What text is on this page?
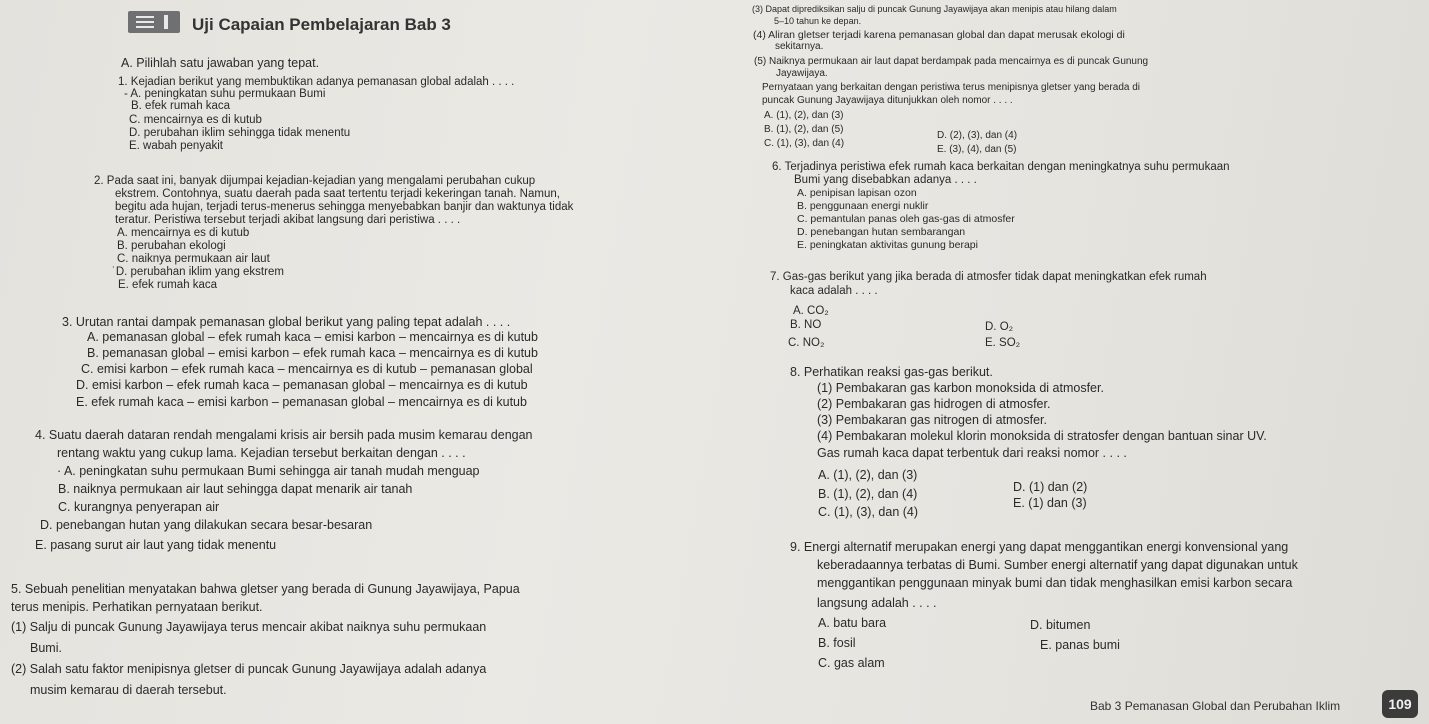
Uji Capaian Pembelajaran Bab 3
A. Pilihlah satu jawaban yang tepat.
1. Kejadian berikut yang membuktikan adanya pemanasan global adalah . . . .
- A. peningkatan suhu permukaan Bumi
B. efek rumah kaca
C. mencairnya es di kutub
D. perubahan iklim sehingga tidak menentu
E. wabah penyakit
2. Pada saat ini, banyak dijumpai kejadian-kejadian yang mengalami perubahan cukup
ekstrem. Contohnya, suatu daerah pada saat tertentu terjadi kekeringan tanah. Namun,
begitu ada hujan, terjadi terus-menerus sehingga menyebabkan banjir dan waktunya tidak
teratur. Peristiwa tersebut terjadi akibat langsung dari peristiwa . . . .
A. mencairnya es di kutub
B. perubahan ekologi
C. naiknya permukaan air laut
˙D. perubahan iklim yang ekstrem
E. efek rumah kaca
3. Urutan rantai dampak pemanasan global berikut yang paling tepat adalah . . . .
A. pemanasan global – efek rumah kaca – emisi karbon – mencairnya es di kutub
B. pemanasan global – emisi karbon – efek rumah kaca – mencairnya es di kutub
C. emisi karbon – efek rumah kaca – mencairnya es di kutub – pemanasan global
D. emisi karbon – efek rumah kaca – pemanasan global – mencairnya es di kutub
E. efek rumah kaca – emisi karbon – pemanasan global – mencairnya es di kutub
4. Suatu daerah dataran rendah mengalami krisis air bersih pada musim kemarau dengan
rentang waktu yang cukup lama. Kejadian tersebut berkaitan dengan . . . .
· A. peningkatan suhu permukaan Bumi sehingga air tanah mudah menguap
B. naiknya permukaan air laut sehingga dapat menarik air tanah
C. kurangnya penyerapan air
D. penebangan hutan yang dilakukan secara besar-besaran
E. pasang surut air laut yang tidak menentu
5. Sebuah penelitian menyatakan bahwa gletser yang berada di Gunung Jayawijaya, Papua
terus menipis. Perhatikan pernyataan berikut.
(1) Salju di puncak Gunung Jayawijaya terus mencair akibat naiknya suhu permukaan
Bumi.
(2) Salah satu faktor menipisnya gletser di puncak Gunung Jayawijaya adalah adanya
musim kemarau di daerah tersebut.
(3) Dapat diprediksikan salju di puncak Gunung Jayawijaya akan menipis atau hilang dalam
5–10 tahun ke depan.
(4) Aliran gletser terjadi karena pemanasan global dan dapat merusak ekologi di
sekitarnya.
(5) Naiknya permukaan air laut dapat berdampak pada mencairnya es di puncak Gunung
Jayawijaya.
Pernyataan yang berkaitan dengan peristiwa terus menipisnya gletser yang berada di
puncak Gunung Jayawijaya ditunjukkan oleh nomor . . . .
A. (1), (2), dan (3)
B. (1), (2), dan (5)
C. (1), (3), dan (4)
D. (2), (3), dan (4)
E. (3), (4), dan (5)
6. Terjadinya peristiwa efek rumah kaca berkaitan dengan meningkatnya suhu permukaan
Bumi yang disebabkan adanya . . . .
A. penipisan lapisan ozon
B. penggunaan energi nuklir
C. pemantulan panas oleh gas-gas di atmosfer
D. penebangan hutan sembarangan
E. peningkatan aktivitas gunung berapi
7. Gas-gas berikut yang jika berada di atmosfer tidak dapat meningkatkan efek rumah
kaca adalah . . . .
A. CO₂
B. NO
C. NO₂
D. O₂
E. SO₂
8. Perhatikan reaksi gas-gas berikut.
(1) Pembakaran gas karbon monoksida di atmosfer.
(2) Pembakaran gas hidrogen di atmosfer.
(3) Pembakaran gas nitrogen di atmosfer.
(4) Pembakaran molekul klorin monoksida di stratosfer dengan bantuan sinar UV.
Gas rumah kaca dapat terbentuk dari reaksi nomor . . . .
A. (1), (2), dan (3)
B. (1), (2), dan (4)
C. (1), (3), dan (4)
D. (1) dan (2)
E. (1) dan (3)
9. Energi alternatif merupakan energi yang dapat menggantikan energi konvensional yang
keberadaannya terbatas di Bumi. Sumber energi alternatif yang dapat digunakan untuk
menggantikan penggunaan minyak bumi dan tidak menghasilkan emisi karbon secara
langsung adalah . . . .
A. batu bara
B. fosil
C. gas alam
D. bitumen
E. panas bumi
Bab 3 Pemanasan Global dan Perubahan Iklim	109
